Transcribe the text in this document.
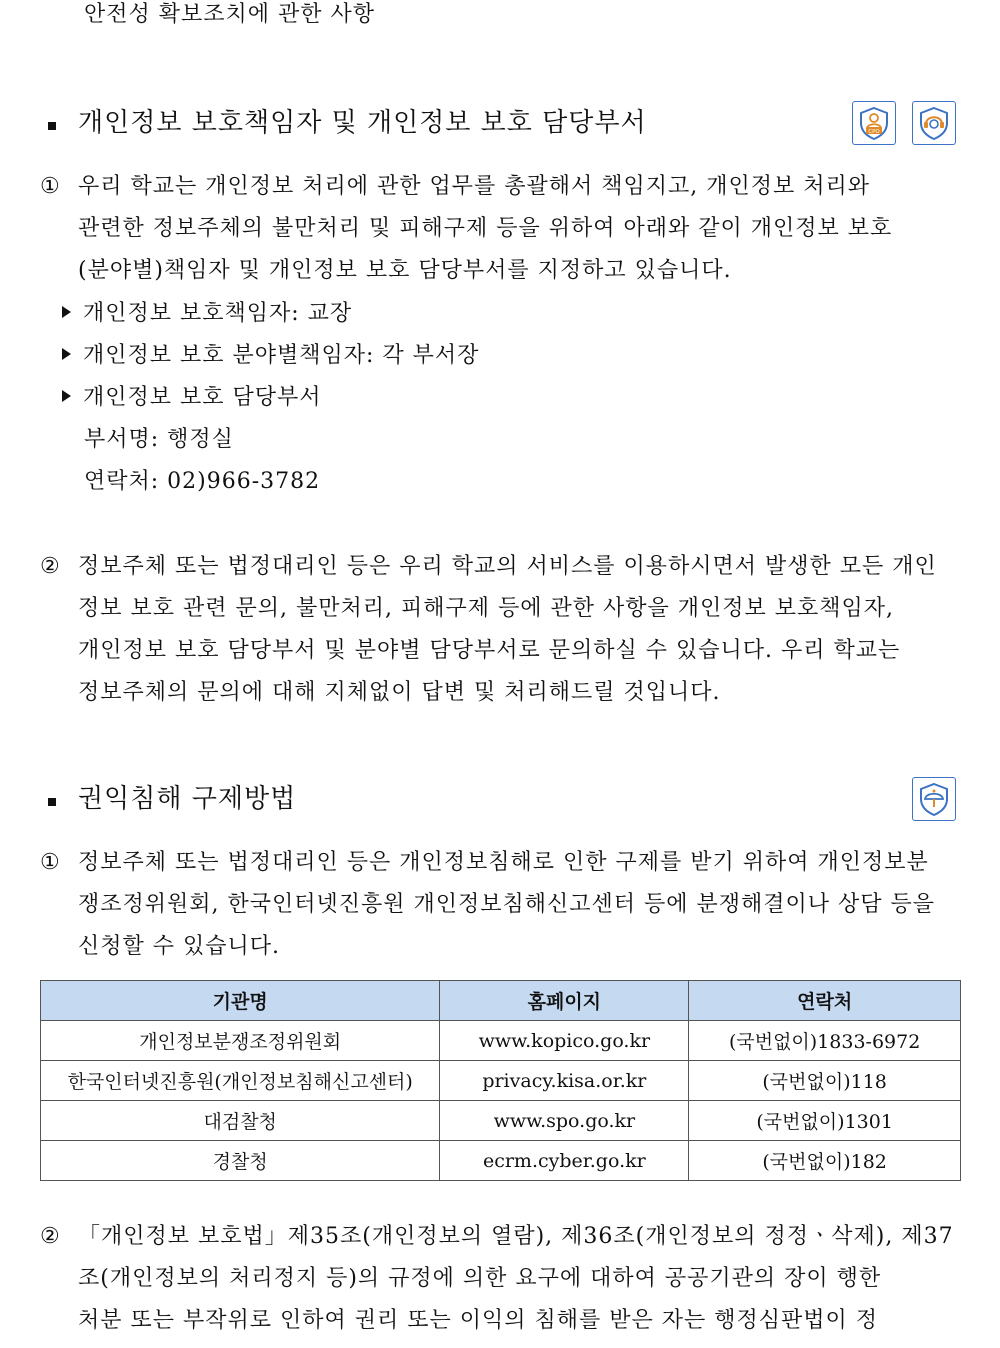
안전성 확보조치에 관한 사항
개인정보 보호책임자 및 개인정보 보호 담당부서	CPO
① 우리 학교는 개인정보 처리에 관한 업무를 총괄해서 책임지고, 개인정보 처리와
관련한 정보주체의 불만처리 및 피해구제 등을 위하여 아래와 같이 개인정보 보호
(분야별)책임자 및 개인정보 보호 담당부서를 지정하고 있습니다.
개인정보 보호책임자: 교장
개인정보 보호 분야별책임자: 각 부서장
개인정보 보호 담당부서
부서명: 행정실
연락처: 02)966-3782
② 정보주체 또는 법정대리인 등은 우리 학교의 서비스를 이용하시면서 발생한 모든 개인
정보 보호 관련 문의, 불만처리, 피해구제 등에 관한 사항을 개인정보 보호책임자,
개인정보 보호 담당부서 및 분야별 담당부서로 문의하실 수 있습니다. 우리 학교는
정보주체의 문의에 대해 지체없이 답변 및 처리해드릴 것입니다.
권익침해 구제방법
① 정보주체 또는 법정대리인 등은 개인정보침해로 인한 구제를 받기 위하여 개인정보분
쟁조정위원회, 한국인터넷진흥원 개인정보침해신고센터 등에 분쟁해결이나 상담 등을
신청할 수 있습니다.
기관명	홈페이지	연락처
개인정보분쟁조정위원회	www.kopico.go.kr	(국번없이)1833-6972
한국인터넷진흥원(개인정보침해신고센터)	privacy.kisa.or.kr	(국번없이)118
대검찰청	www.spo.go.kr	(국번없이)1301
경찰청	ecrm.cyber.go.kr	(국번없이)182
② 「개인정보 보호법」제35조(개인정보의 열람), 제36조(개인정보의 정정ㆍ삭제), 제37
조(개인정보의 처리정지 등)의 규정에 의한 요구에 대하여 공공기관의 장이 행한
처분 또는 부작위로 인하여 권리 또는 이익의 침해를 받은 자는 행정심판법이 정
